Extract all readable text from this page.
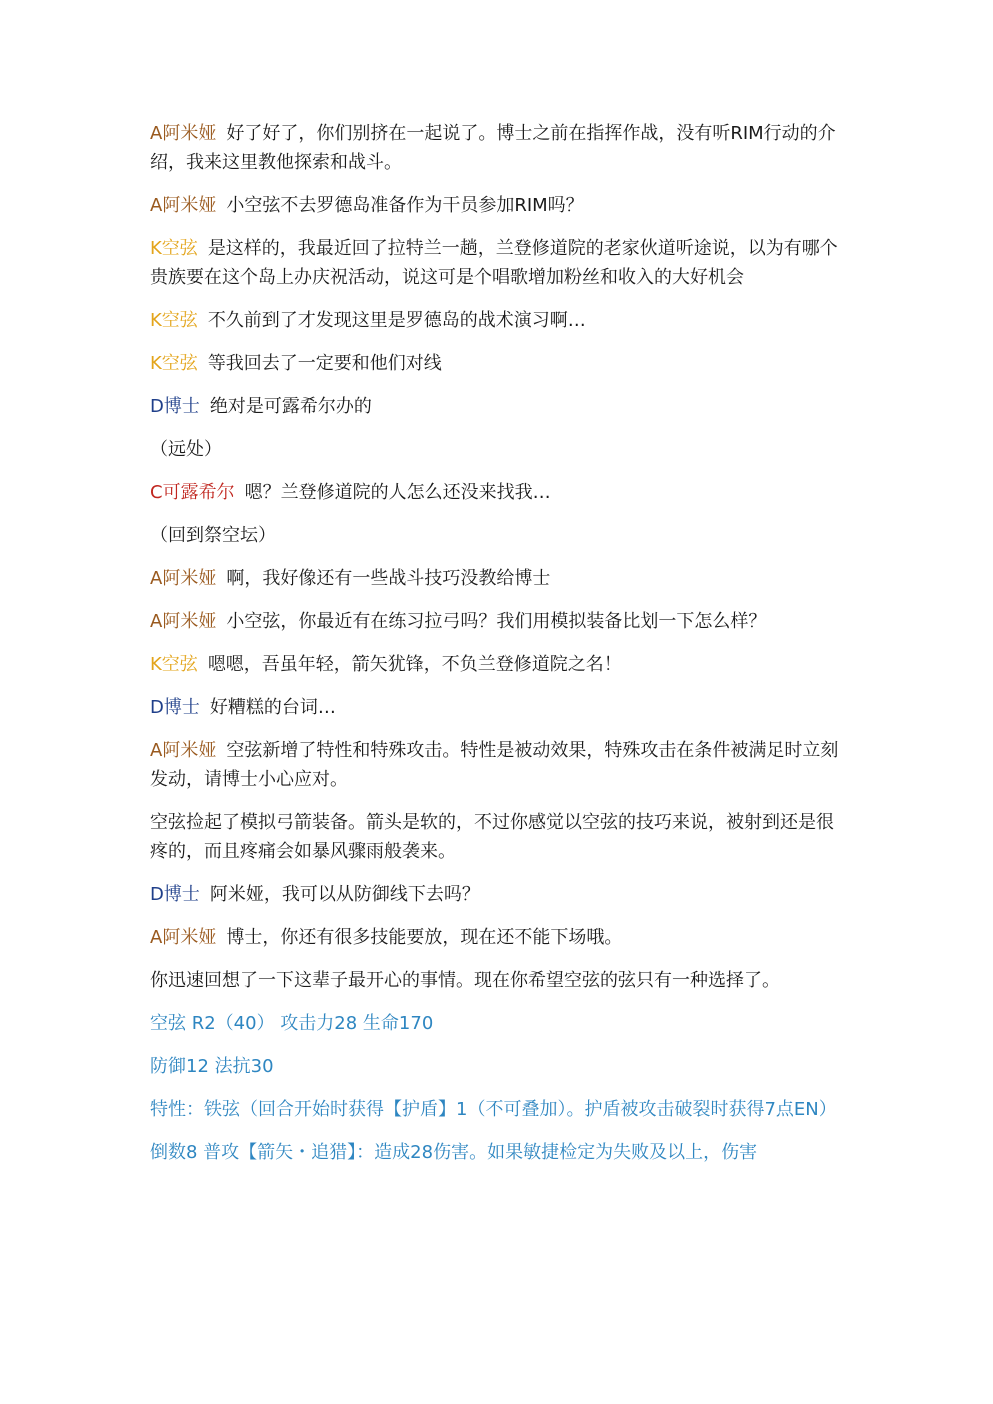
A阿米娅 好了好了，你们别挤在一起说了。博士之前在指挥作战，没有听RIM行动的介绍，我来这里教他探索和战斗。

A阿米娅 小空弦不去罗德岛准备作为干员参加RIM吗？

K空弦 是这样的，我最近回了拉特兰一趟，兰登修道院的老家伙道听途说，以为有哪个贵族要在这个岛上办庆祝活动，说这可是个唱歌增加粉丝和收入的大好机会

K空弦 不久前到了才发现这里是罗德岛的战术演习啊…

K空弦 等我回去了一定要和他们对线

D博士 绝对是可露希尔办的

（远处）

C可露希尔 嗯？兰登修道院的人怎么还没来找我…

（回到祭空坛）

A阿米娅 啊，我好像还有一些战斗技巧没教给博士

A阿米娅 小空弦，你最近有在练习拉弓吗？我们用模拟装备比划一下怎么样？

K空弦 嗯嗯，吾虽年轻，箭矢犹锋，不负兰登修道院之名！

D博士 好糟糕的台词…

A阿米娅 空弦新增了特性和特殊攻击。特性是被动效果，特殊攻击在条件被满足时立刻发动，请博士小心应对。

空弦捡起了模拟弓箭装备。箭头是软的，不过你感觉以空弦的技巧来说，被射到还是很疼的，而且疼痛会如暴风骤雨般袭来。

D博士 阿米娅，我可以从防御线下去吗？

A阿米娅 博士，你还有很多技能要放，现在还不能下场哦。

你迅速回想了一下这辈子最开心的事情。现在你希望空弦的弦只有一种选择了。

空弦 R2（40） 攻击力28 生命170

防御12 法抗30

特性：铁弦（回合开始时获得【护盾】1（不可叠加）。护盾被攻击破裂时获得7点EN）

倒数8 普攻【箭矢・追猎】：造成28伤害。如果敏捷检定为失败及以上，伤害
